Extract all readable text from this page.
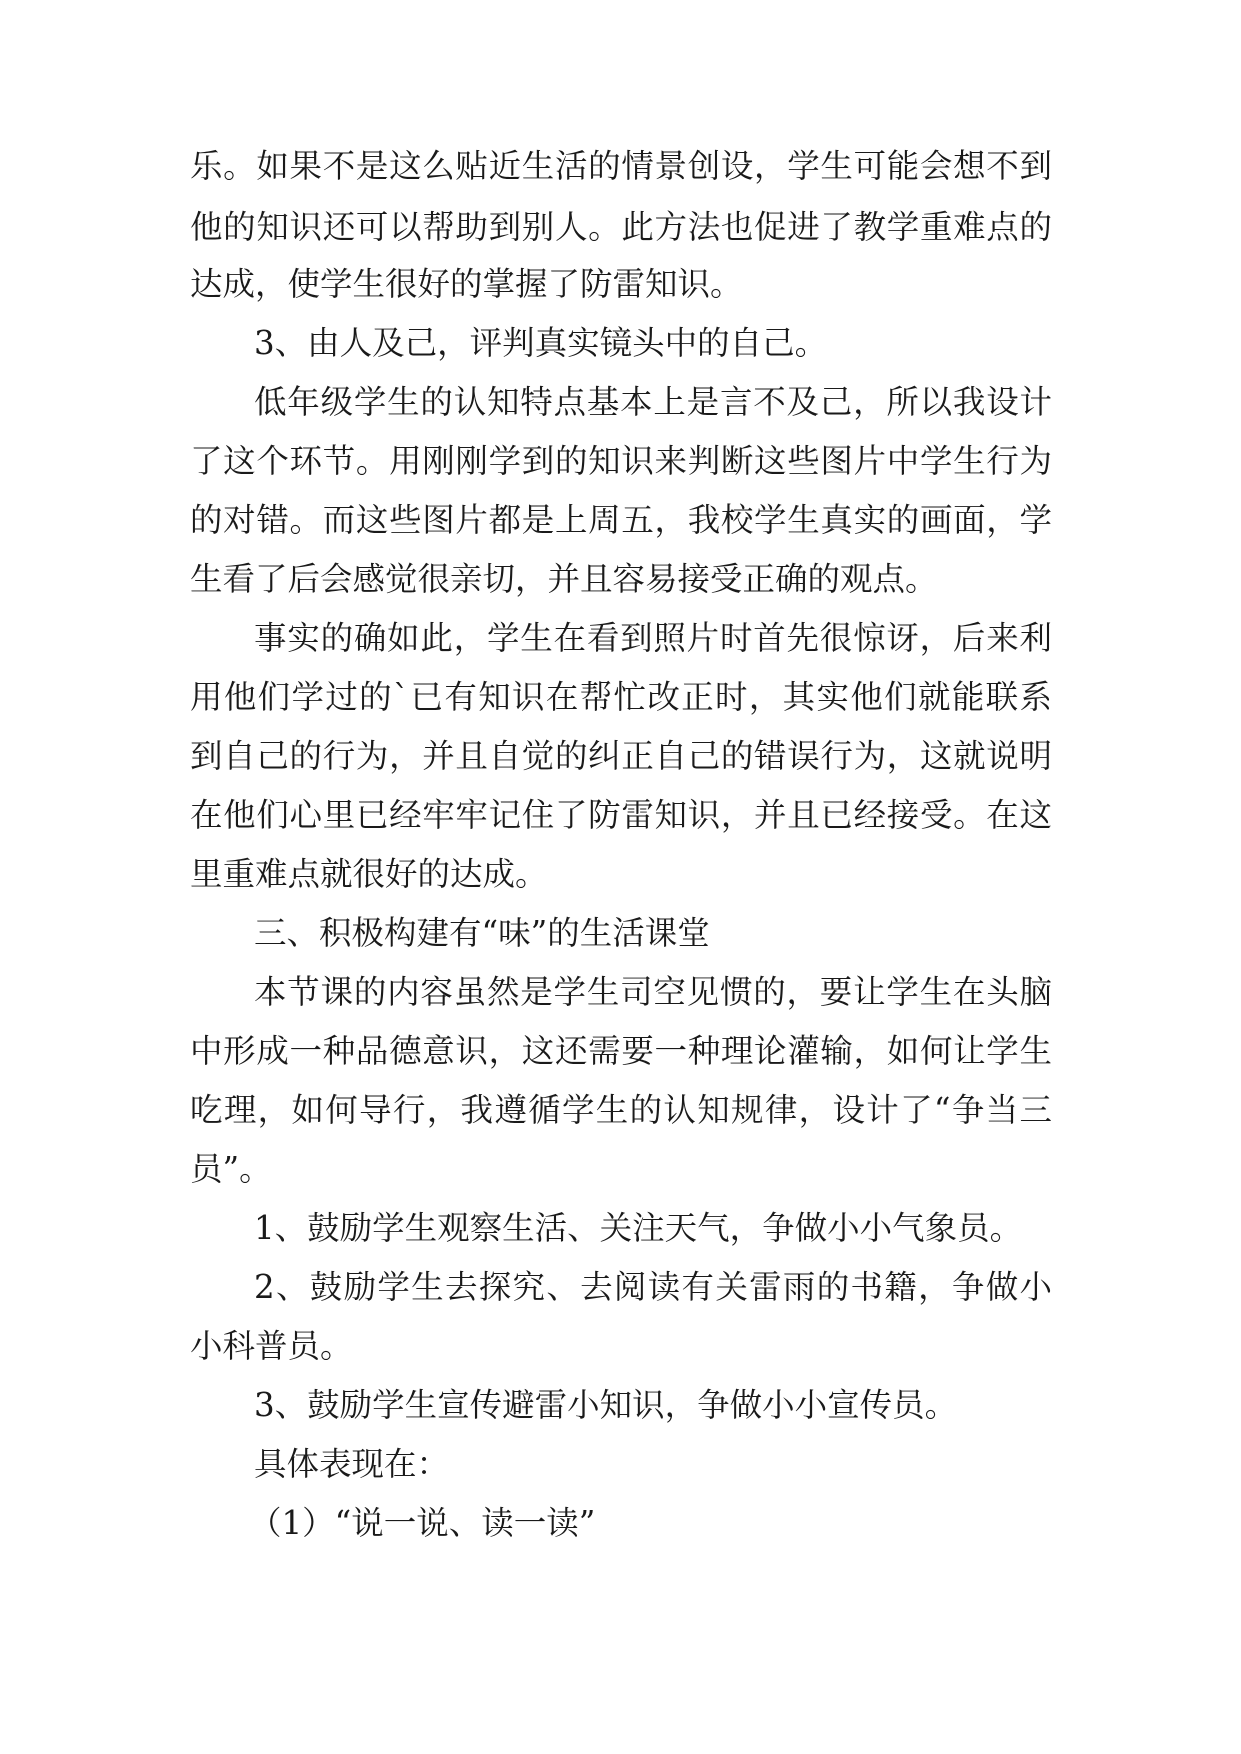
乐。如果不是这么贴近生活的情景创设，学生可能会想不到
他的知识还可以帮助到别人。此方法也促进了教学重难点的
达成，使学生很好的掌握了防雷知识。
3、由人及己，评判真实镜头中的自己。
低年级学生的认知特点基本上是言不及己，所以我设计
了这个环节。用刚刚学到的知识来判断这些图片中学生行为
的对错。而这些图片都是上周五，我校学生真实的画面，学
生看了后会感觉很亲切，并且容易接受正确的观点。
事实的确如此，学生在看到照片时首先很惊讶，后来利
用他们学过的`已有知识在帮忙改正时，其实他们就能联系
到自己的行为，并且自觉的纠正自己的错误行为，这就说明
在他们心里已经牢牢记住了防雷知识，并且已经接受。在这
里重难点就很好的达成。
三、积极构建有“味”的生活课堂
本节课的内容虽然是学生司空见惯的，要让学生在头脑
中形成一种品德意识，这还需要一种理论灌输，如何让学生
吃理，如何导行，我遵循学生的认知规律，设计了“争当三
员”。
1、鼓励学生观察生活、关注天气，争做小小气象员。
2、鼓励学生去探究、去阅读有关雷雨的书籍，争做小
小科普员。
3、鼓励学生宣传避雷小知识，争做小小宣传员。
具体表现在：
（1）“说一说、读一读”
